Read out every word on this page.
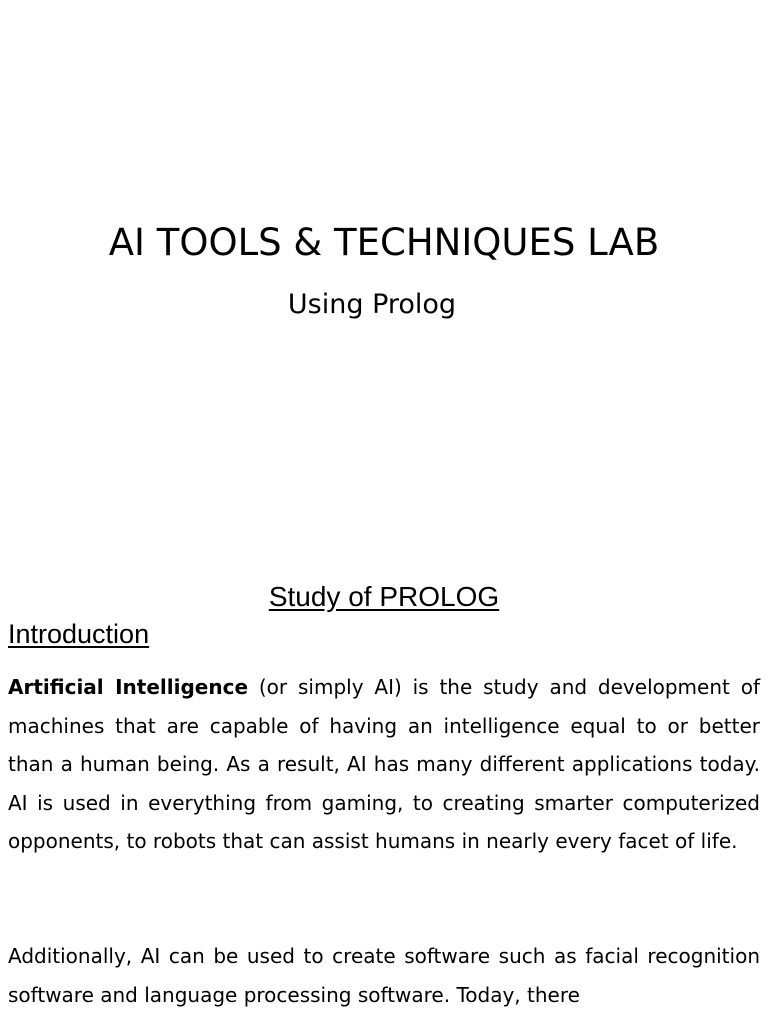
AI TOOLS & TECHNIQUES LAB
Using Prolog
Study of PROLOG
Introduction

Artificial Intelligence (or simply AI) is the study and development of machines that are capable of having an intelligence equal to or better than a human being. As a result, AI has many different applications today. AI is used in everything from gaming, to creating smarter computerized opponents, to robots that can assist humans in nearly every facet of life.

Additionally, AI can be used to create software such as facial recognition software and language processing software. Today, there
